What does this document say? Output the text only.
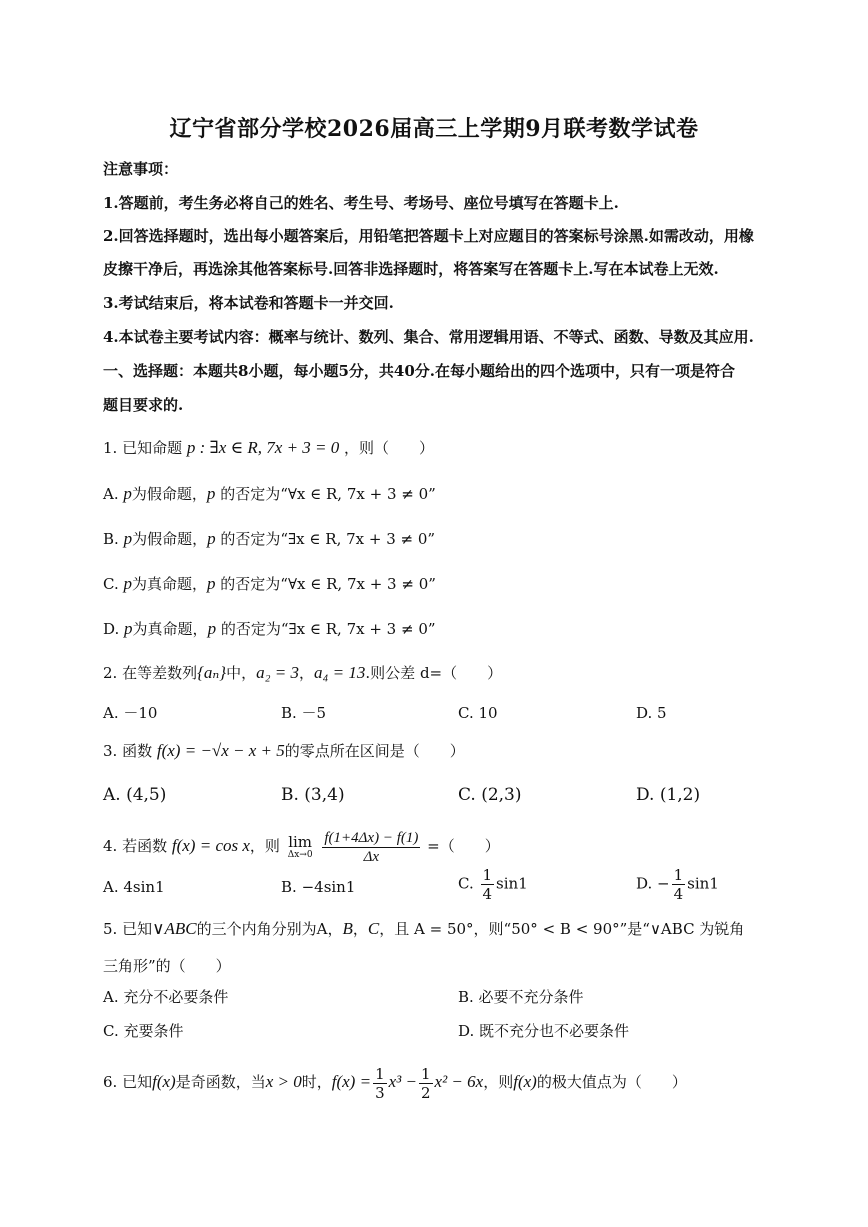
辽宁省部分学校2026届高三上学期9月联考数学试卷
注意事项：
1.答题前，考生务必将自己的姓名、考生号、考场号、座位号填写在答题卡上.
2.回答选择题时，选出每小题答案后，用铅笔把答题卡上对应题目的答案标号涂黑.如需改动，用橡
皮擦干净后，再选涂其他答案标号.回答非选择题时，将答案写在答题卡上.写在本试卷上无效.
3.考试结束后，将本试卷和答题卡一并交回.
4.本试卷主要考试内容：概率与统计、数列、集合、常用逻辑用语、不等式、函数、导数及其应用.
一、选择题：本题共8小题，每小题5分，共40分.在每小题给出的四个选项中，只有一项是符合
题目要求的.
1. 已知命题 p : ∃x ∈ R, 7x + 3 = 0 ，则（　　）
A. p为假命题，p 的否定为“∀x ∈ R, 7x + 3 ≠ 0”
B. p为假命题，p 的否定为“∃x ∈ R, 7x + 3 ≠ 0”
C. p为真命题，p 的否定为“∀x ∈ R, 7x + 3 ≠ 0”
D. p为真命题，p 的否定为“∃x ∈ R, 7x + 3 ≠ 0”
2. 在等差数列{aₙ}中，a₂ = 3，a₄ = 13.则公差 d=（　　）
A. －10	B. －5	C. 10	D. 5
3. 函数 f(x) = −√x − x + 5的零点所在区间是（　　）
A. (4,5)	B. (3,4)	C. (2,3)	D. (1,2)
4. 若函数 f(x) = cos x，则 lim
Δx→0
$\frac{f(1+4\Delta x) - f(1)}{\Delta x}$ =（　　）
A. 4sin1	B. −4sin1	C. $\frac{1}{4} \sin 1$	D. − $\frac{1}{4} \sin 1$
5. 已知∨ABC的三个内角分别为A，B，C，且 A = 50°，则“50° < B < 90°”是“∨ABC 为锐角
三角形”的（　　）
A. 充分不必要条件	B. 必要不充分条件
C. 充要条件	D. 既不充分也不必要条件
6. 已知f(x)是奇函数，当x > 0时，$f(x) = \frac{1}{3} x^3 - \frac{1}{2} x^2 - 6x$，则f(x)的极大值点为（　　）
